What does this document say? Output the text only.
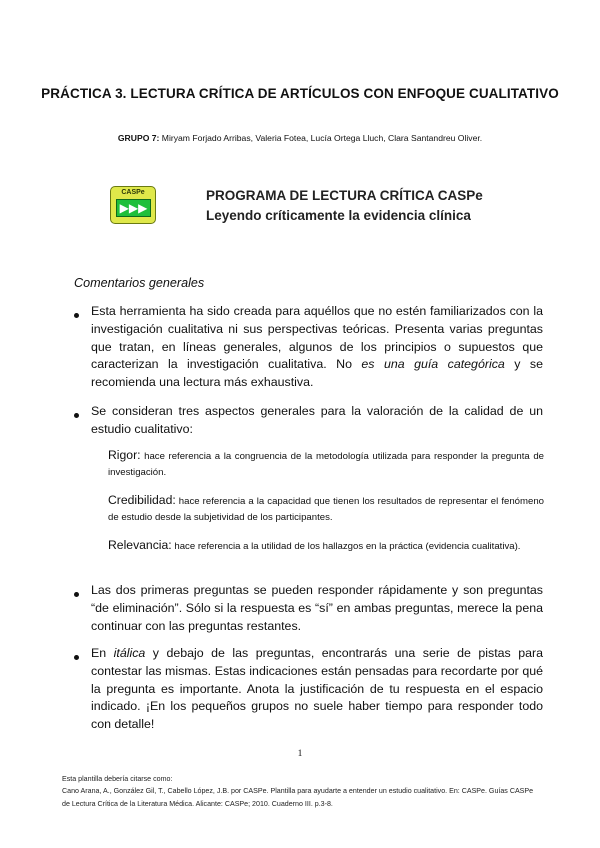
PRÁCTICA 3. LECTURA CRÍTICA DE ARTÍCULOS CON ENFOQUE CUALITATIVO
GRUPO 7: Miryam Forjado Arribas, Valeria Fotea, Lucía Ortega Lluch, Clara Santandreu Oliver.
CASPe
▶▶▶
PROGRAMA DE LECTURA CRÍTICA CASPe
Leyendo críticamente la evidencia clínica
Comentarios generales
Esta herramienta ha sido creada para aquéllos que no estén familiarizados con la investigación cualitativa ni sus perspectivas teóricas. Presenta varias preguntas que tratan, en líneas generales, algunos de los principios o supuestos que caracterizan la investigación cualitativa. No es una guía categórica y se recomienda una lectura más exhaustiva.
Se consideran tres aspectos generales para la valoración de la calidad de un estudio cualitativo:
Rigor: hace referencia a la congruencia de la metodología utilizada para responder la pregunta de investigación.
Credibilidad: hace referencia a la capacidad que tienen los resultados de representar el fenómeno de estudio desde la subjetividad de los participantes.
Relevancia: hace referencia a la utilidad de los hallazgos en la práctica (evidencia cualitativa).
Las dos primeras preguntas se pueden responder rápidamente y son preguntas “de eliminación”. Sólo si la respuesta es “sí” en ambas preguntas, merece la pena continuar con las preguntas restantes.
En itálica y debajo de las preguntas, encontrarás una serie de pistas para contestar las mismas. Estas indicaciones están pensadas para recordarte por qué la pregunta es importante. Anota la justificación de tu respuesta en el espacio indicado. ¡En los pequeños grupos no suele haber tiempo para responder todo con detalle!
1
Esta plantilla debería citarse como:
Cano Arana, A., González Gil, T., Cabello López, J.B. por CASPe. Plantilla para ayudarte a entender un estudio cualitativo. En: CASPe. Guías CASPe de Lectura Crítica de la Literatura Médica. Alicante: CASPe; 2010. Cuaderno III. p.3-8.
